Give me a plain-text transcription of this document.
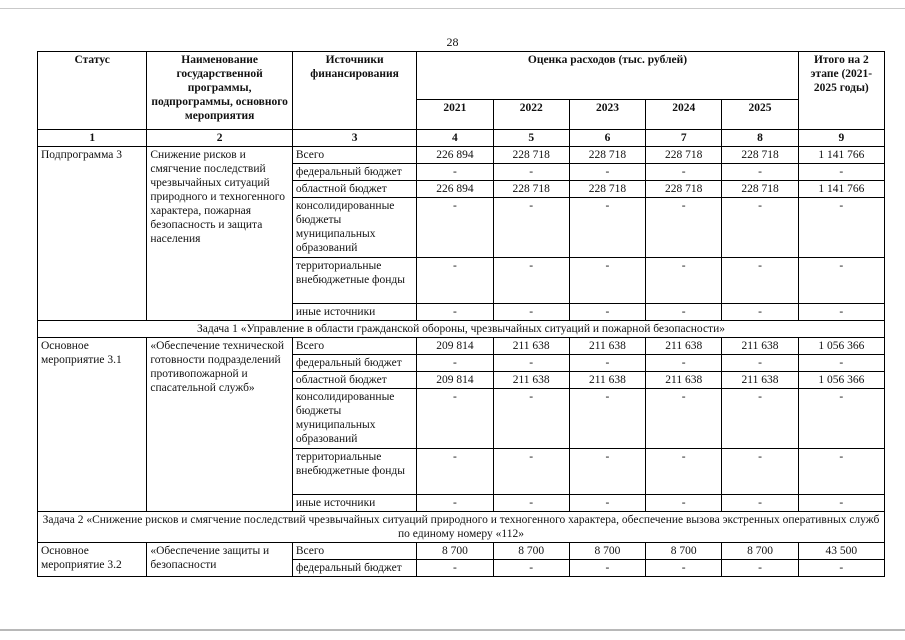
28
Статус	Наименование государственной программы, подпрограммы, основного мероприятия	Источники финансирования	Оценка расходов (тыс. рублей)					Итого на 2 этапе (2021-2025 годы)
			2021	2022	2023	2024	2025	
1	2	3	4	5	6	7	8	9
Подпрограмма 3	Снижение рисков и смягчение последствий чрезвычайных ситуаций природного и техногенного характера, пожарная безопасность и защита населения	Всего	226 894	228 718	228 718	228 718	228 718	1 141 766
		федеральный бюджет	-	-	-	-	-	-
		областной бюджет	226 894	228 718	228 718	228 718	228 718	1 141 766
		консолидированные бюджеты муниципальных образований	-	-	-	-	-	-
		территориальные внебюджетные фонды	-	-	-	-	-	-
		иные источники	-	-	-	-	-	-
Задача 1 «Управление в области гражданской обороны, чрезвычайных ситуаций и пожарной безопасности»								
Основное мероприятие 3.1	«Обеспечение технической готовности подразделений противопожарной и спасательной служб»	Всего	209 814	211 638	211 638	211 638	211 638	1 056 366
		федеральный бюджет	-	-	-	-	-	-
		областной бюджет	209 814	211 638	211 638	211 638	211 638	1 056 366
		консолидированные бюджеты муниципальных образований	-	-	-	-	-	-
		территориальные внебюджетные фонды	-	-	-	-	-	-
		иные источники	-	-	-	-	-	-
Задача 2 «Снижение рисков и смягчение последствий чрезвычайных ситуаций природного и техногенного характера, обеспечение вызова экстренных оперативных служб по единому номеру «112»								
Основное мероприятие 3.2	«Обеспечение защиты и безопасности	Всего	8 700	8 700	8 700	8 700	8 700	43 500
		федеральный бюджет	-	-	-	-	-	-
